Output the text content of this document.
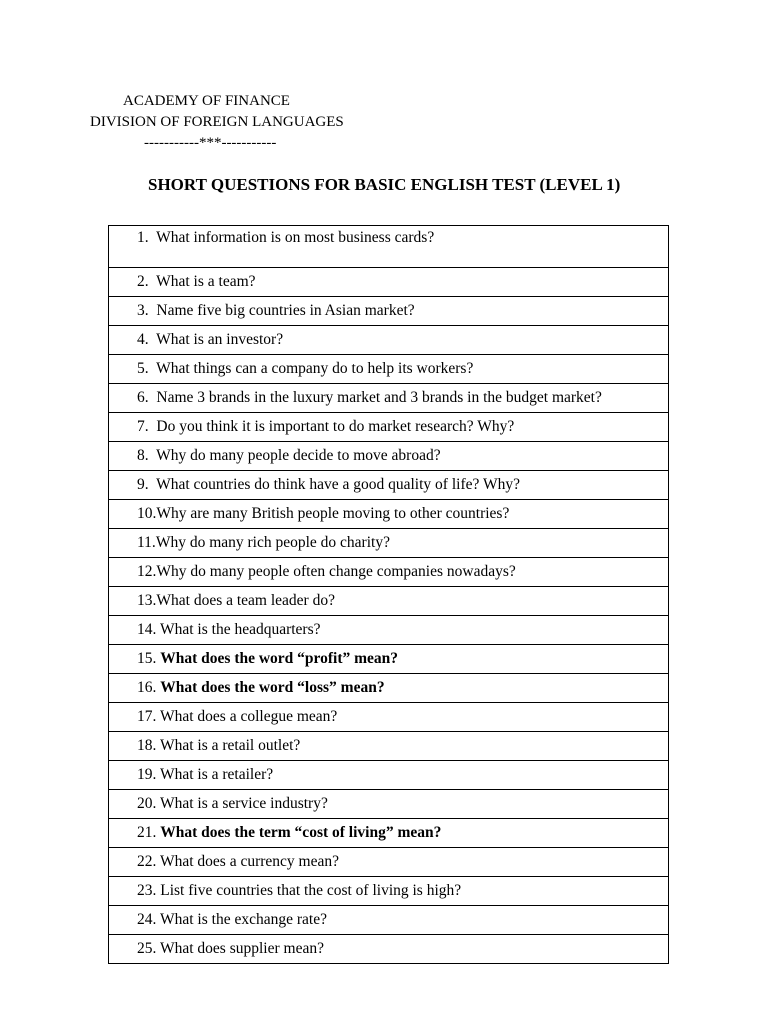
ACADEMY OF FINANCE
DIVISION OF FOREIGN LANGUAGES
-----------***-----------
SHORT QUESTIONS FOR BASIC ENGLISH TEST (LEVEL 1)
1.  What information is on most business cards?
2.  What is a team?
3.  Name five big countries in Asian market?
4.  What is an investor?
5.  What things can a company do to help its workers?
6.  Name 3 brands in the luxury market and 3 brands in the budget market?
7.  Do you think it is important to do market research? Why?
8.  Why do many people decide to move abroad?
9.  What countries do think have a good quality of life? Why?
10.Why are many British people moving to other countries?
11.Why do many rich people do charity?
12.Why do many people often change companies nowadays?
13.What does a team leader do?
14. What is the headquarters?
15. What does the word “profit” mean?
16. What does the word “loss” mean?
17. What does a collegue mean?
18. What is a retail outlet?
19. What is a retailer?
20. What is a service industry?
21. What does the term “cost of living” mean?
22. What does a currency mean?
23. List five countries that the cost of living is high?
24. What is the exchange rate?
25. What does supplier mean?
